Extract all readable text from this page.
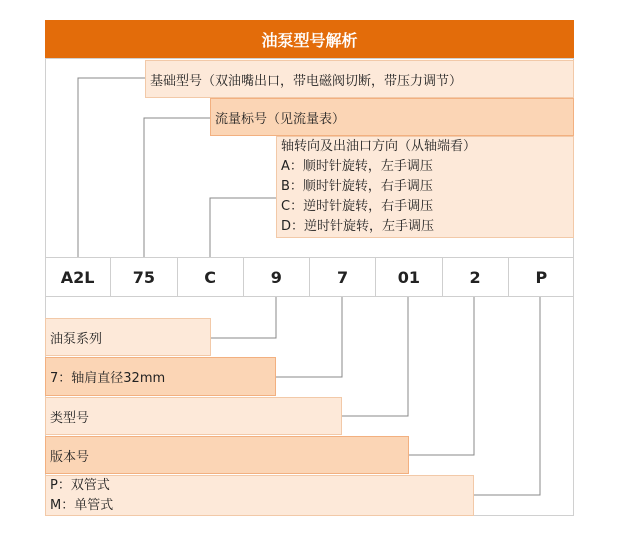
油泵型号解析
基础型号（双油嘴出口，带电磁阀切断，带压力调节）
流量标号（见流量表）
轴转向及出油口方向（从轴端看）
A：顺时针旋转，左手调压
B：顺时针旋转，右手调压
C：逆时针旋转，右手调压
D：逆时针旋转，左手调压
A2L	75	C	9	7	01	2	P
油泵系列
7：轴肩直径32mm
类型号
版本号
P：双管式
M：单管式
